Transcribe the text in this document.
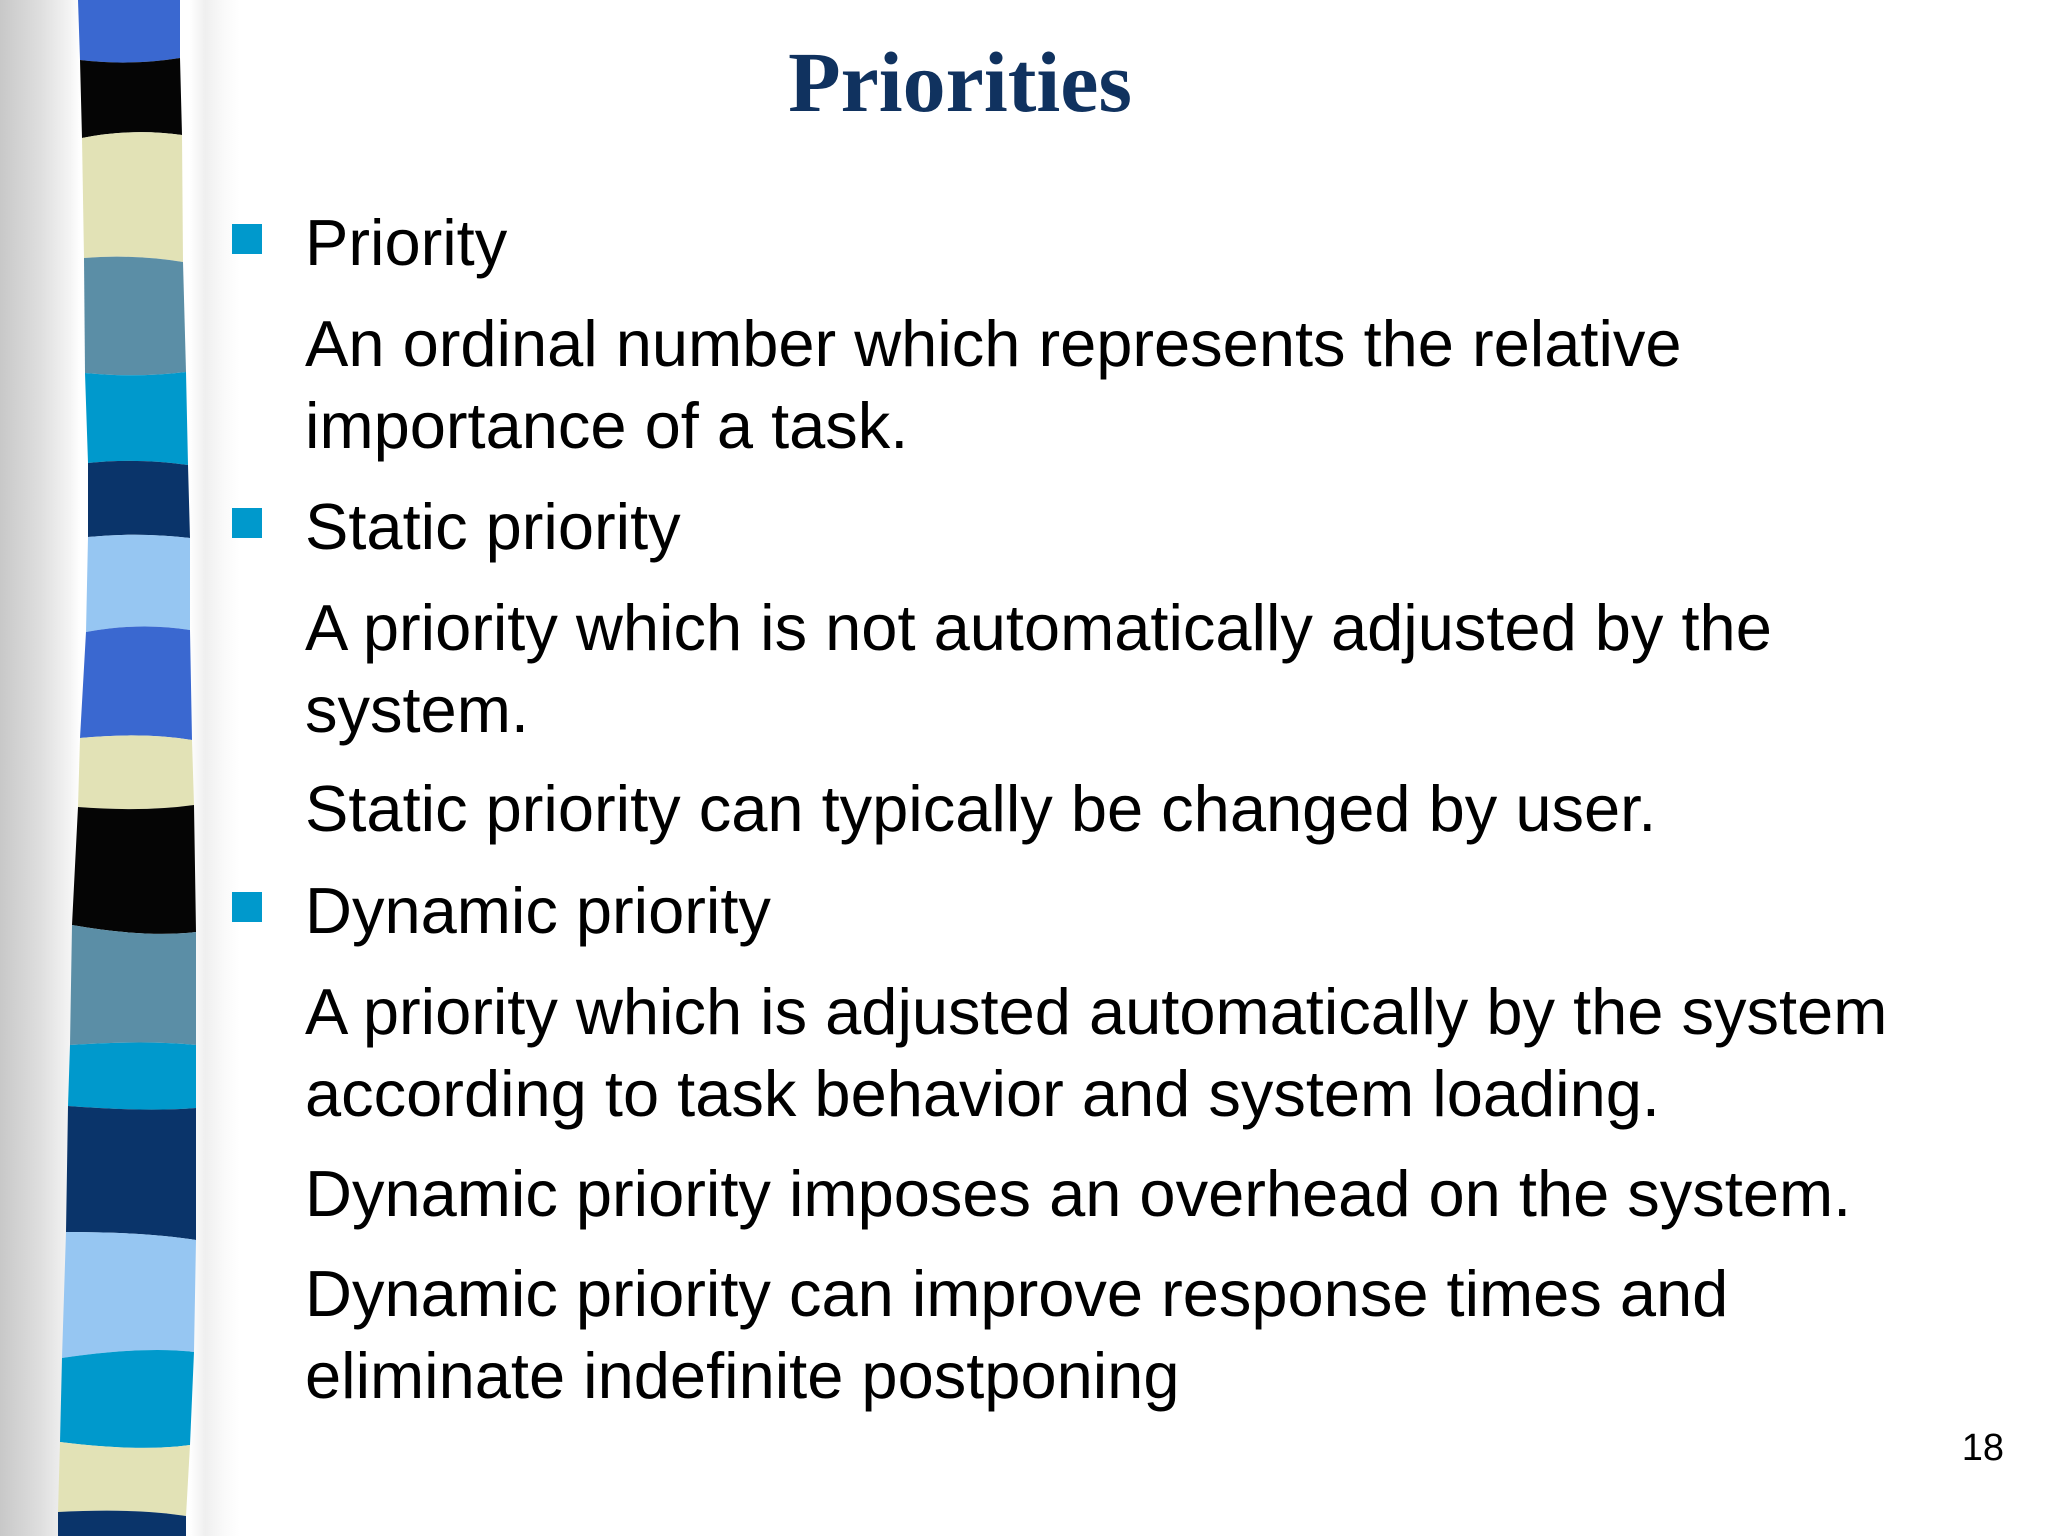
Priorities
Priority
An ordinal number which represents the relative
importance of a task.
Static priority
A priority which is not automatically adjusted by the
system.
Static priority can typically be changed by user.
Dynamic priority
A priority which is adjusted automatically by the system
according to task behavior and system loading.
Dynamic priority imposes an overhead on the system.
Dynamic priority can improve response times and
eliminate indefinite postponing
18
